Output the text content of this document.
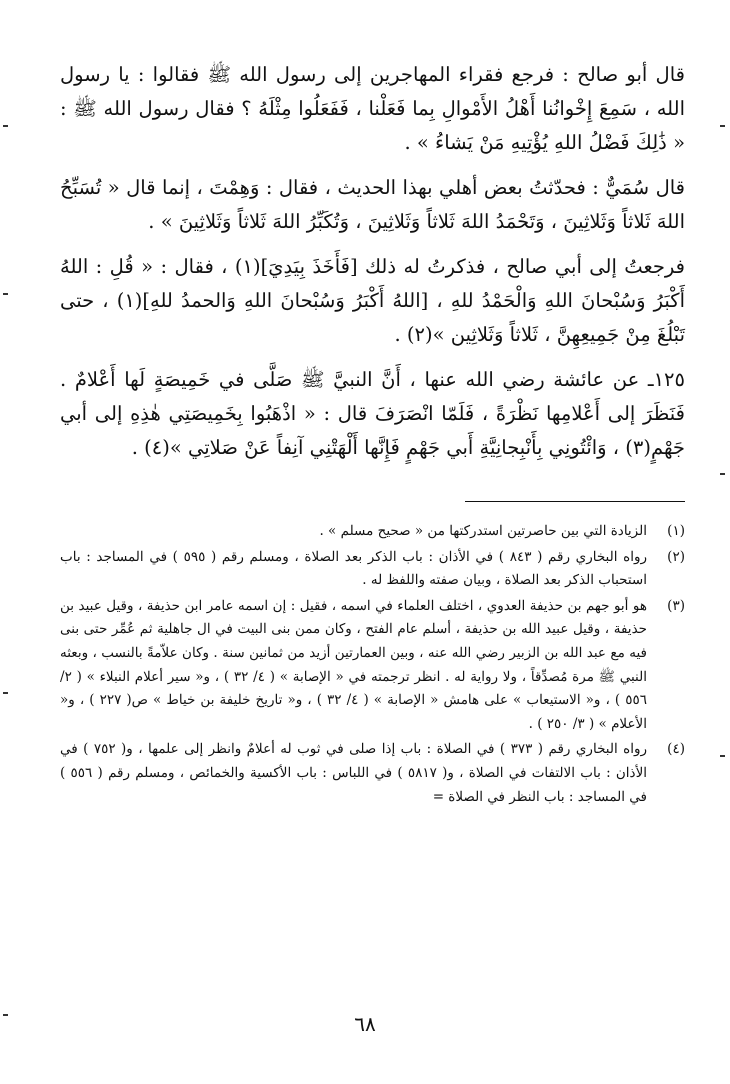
قال أبو صالح : فرجع فقراء المهاجرين إلى رسول الله ﷺ فقالوا : يا رسول الله ، سَمِعَ إِخْوانُنا أَهْلُ الأَمْوالِ بِما فَعَلْنا ، فَفَعَلُوا مِثْلَهُ ؟ فقال رسول الله ﷺ : « ذَٰلِكَ فَضْلُ اللهِ يُؤْتِيهِ مَنْ يَشاءُ » .

قال سُمَيٌّ : فحدّثتُ بعض أهلي بهذا الحديث ، فقال : وَهِمْتَ ، إنما قال « تُسَبِّحُ اللهَ ثَلاثاً وَثَلاثِينَ ، وَتَحْمَدُ اللهَ ثَلاثاً وَثَلاثِينَ ، وَتُكَبِّرُ اللهَ ثَلاثاً وَثَلاثِينَ » .

فرجعتُ إلى أبي صالح ، فذكرتُ له ذلك [فَأَخَذَ بِيَدِيَ](١) ، فقال : « قُلِ : اللهُ أَكْبَرُ وَسُبْحانَ اللهِ وَالْحَمْدُ للهِ ، [اللهُ أَكْبَرُ وَسُبْحانَ اللهِ وَالحمدُ للهِ](١) ، حتى تَبْلُغَ مِنْ جَمِيعِهِنَّ ، ثَلاثاً وَثَلاثِين »(٢) .

١٢٥ـ عن عائشة رضي الله عنها ، أَنَّ النبيَّ ﷺ صَلَّى في خَمِيصَةٍ لَها أَعْلامٌ . فَنَظَرَ إلى أَعْلامِها نَظْرَةً ، فَلَمّا انْصَرَفَ قال : « اذْهَبُوا بِخَمِيصَتِي هٰذِهِ إلى أبي جَهْمٍ(٣) ، وَائْتُونِي بِأَنْبِجانِيَّةِ أَبي جَهْمٍ فَإِنَّها أَلْهَتْنِي آنِفاً عَنْ صَلاتِي »(٤) .

(١)
الزيادة التي بين حاصرتين استدركتها من « صحيح مسلم » .
(٢)
رواه البخاري رقم ( ٨٤٣ ) في الأذان : باب الذكر بعد الصلاة ، ومسلم رقم ( ٥٩٥ ) في المساجد : باب استحباب الذكر بعد الصلاة ، وبيان صفته واللفظ له .
(٣)
هو أبو جهم بن حذيفة العدوي ، اختلف العلماء في اسمه ، فقيل : إن اسمه عامر ابن حذيفة ، وقيل عبيد بن حذيفة ، وقيل عبيد الله بن حذيفة ، أسلم عام الفتح ، وكان ممن بنى البيت في ال جاهلية ثم عُمِّر حتى بنى فيه مع عبد الله بن الزبير رضي الله عنه ، وبين العمارتين أزيد من ثمانين سنة . وكان علاّمةً بالنسب ، وبعثه النبي ﷺ مرة مُصدِّقاً ، ولا رواية له . انظر ترجمته في « الإصابة » ( ٤/ ٣٢ ) ، و« سير أعلام النبلاء » ( ٢/ ٥٥٦ ) ، و« الاستيعاب » على هامش « الإصابة » ( ٤/ ٣٢ ) ، و« تاريخ خليفة بن خياط » ص( ٢٢٧ ) ، و« الأعلام » ( ٣/ ٢٥٠ ) .
(٤)
رواه البخاري رقم ( ٣٧٣ ) في الصلاة : باب إذا صلى في ثوب له أعلامٌ وانظر إلى علمها ، و( ٧٥٢ ) في الأذان : باب الالتفات في الصلاة ، و( ٥٨١٧ ) في اللباس : باب الأكسية والخمائص ، ومسلم رقم ( ٥٥٦ ) في المساجد : باب النظر في الصلاة =
٦٨
